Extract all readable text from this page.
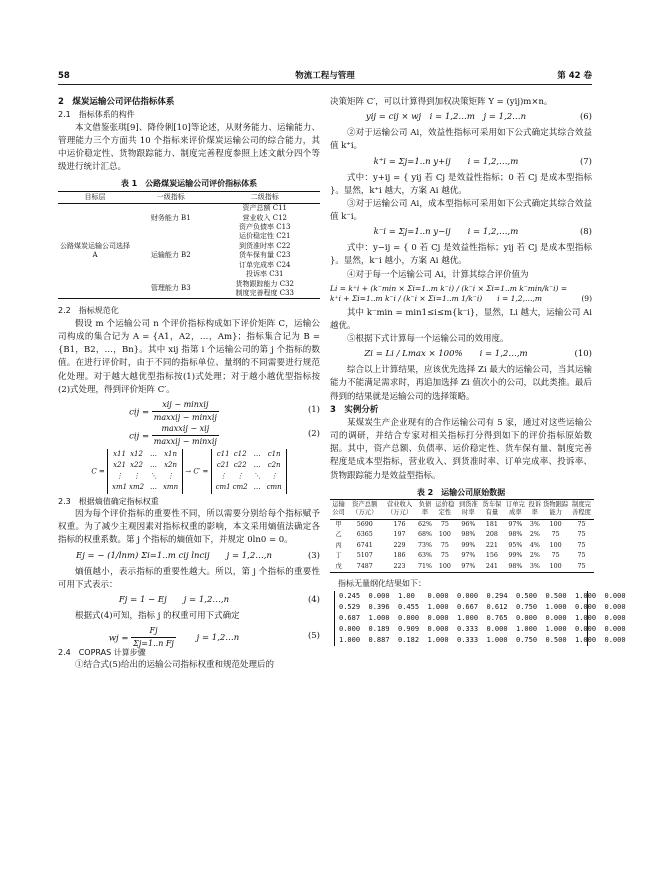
58	物流工程与管理	第 42 卷
2　煤炭运输公司评估指标体系
2.1　指标体系的构件

本文借鉴张琪[9]、降伶俐[10]等论述，从财务能力、运输能力、管理能力三个方面共 10 个指标来评价煤炭运输公司的综合能力，其中运价稳定性、货物跟踪能力、制度完善程度参照上述文献分四个等级进行统计汇总。

表 1　公路煤炭运输公司评价指标体系
目标层	一级指标	二级指标
公路煤炭运输公司选择 A	财务能力 B1	资产总额 C11
		营业收入 C12
		资产负债率 C13
	运输能力 B2	运价稳定性 C21
		到货准时率 C22
		货车保有量 C23
		订单完成率 C24
		投诉率 C31
	管理能力 B3	货物跟踪能力 C32
		制度完善程度 C33
2.2　指标规范化

假设 m 个运输公司 n 个评价指标构成如下评价矩阵 C，运输公司构成的集合记为 A = {A1，A2，…，Am}；指标集合记为 B = {B1，B2，…，Bn}。其中 xij 指第 i 个运输公司的第 j 个指标的数值。在进行评价时，由于不同的指标单位、量纲的不同需要进行规范化处理。对于越大越优型指标按(1)式处理；对于越小越优型指标按(2)式处理，得到评价矩阵 C′。

cij = $\frac{\text{xij − minxij}}{\text{maxxij − minxij}}$	(1)
cij = $\frac{\text{maxxij − xij}}{\text{maxxij − minxij}}$	(2)
C =
x11 x12 … x1n
x21 x22 … x2n
⋮ ⋮ ⋱ ⋮
xm1 xm2 … xmn
→ C′ =
c11 c12 … c1n
c21 c22 … c2n
⋮ ⋮ ⋱ ⋮
cm1 cm2 … cmn
2.3　根据熵值确定指标权重

因为每个评价指标的重要性不同，所以需要分别给每个指标赋予权重。为了减少主观因素对指标权重的影响，本文采用熵值法确定各指标的权重系数。第 j 个指标的熵值如下，并规定 0ln0 = 0。

Ej = − (1/lnm) Σi=1..m cij lncij　　j = 1,2…,n	(3)

熵值越小，表示指标的重要性越大。所以，第 j 个指标的重要性可用下式表示：

Fj = 1 − Ej　　j = 1,2…,n	(4)

根据式(4)可知，指标 j 的权重可用下式确定

wj = $\frac{Fj}{\text{Σj=1..n Fj}}$ j = 1,2…n	(5)
2.4　COPRAS 计算步骤

①结合式(5)给出的运输公司指标权重和规范处理后的

决策矩阵 C′，可以计算得到加权决策矩阵 Y = (yij)m×n。

yij = cij × wj　i = 1,2…m　j = 1,2…n	(6)

②对于运输公司 Ai，效益性指标可采用如下公式确定其综合效益值 k⁺i。

k⁺i = Σj=1..n y+ij　　i = 1,2,…,m	(7)

式中：y+ij = { yij 若 Cj 是效益性指标；0 若 Cj 是成本型指标 }。显然，k⁺i 越大，方案 Ai 越优。

③对于运输公司 Ai，成本型指标可采用如下公式确定其综合效益值 k⁻i。

k⁻i = Σj=1..n y−ij　　i = 1,2,…,m	(8)

式中：y−ij = { 0 若 Cj 是效益性指标；yij 若 Cj 是成本型指标 }。显然，k⁻i 越小，方案 Ai 越优。

④对于每一个运输公司 Ai，计算其综合评价值为

Li = k⁺i + (k⁻min × Σi=1..m k⁻i) / (k⁻i × Σi=1..m k⁻min/k⁻i) = k⁺i + Σi=1..m k⁻i / (k⁻i × Σi=1..m 1/k⁻i)　　i = 1,2,…,m	(9)

其中 k⁻min = min1≤i≤m{k⁻i}，显然，Li 越大，运输公司 Ai 越优。

⑤根据下式计算每一个运输公司的效用度。

Zi = Li / Lmax × 100%　　i = 1,2…,m	(10)

综合以上计算结果，应该优先选择 Zi 最大的运输公司，当其运输能力不能满足需求时，再追加选择 Zi 值次小的公司，以此类推。最后得到的结果就是运输公司的选择策略。

3　实例分析

某煤炭生产企业现有的合作运输公司有 5 家，通过对这些运输公司的调研，并结合专家对相关指标打分得到如下的评价指标原始数据。其中，资产总额、负债率、运价稳定性、货车保有量、制度完善程度是成本型指标，营业收入、到货准时率、订单完成率、投诉率、货物跟踪能力是效益型指标。

表 2　运输公司原始数据
运输公司	资产总额（万元）	营业收入（万元）	负债率	运价稳定性	到货准时率	货车保有量	订单完成率	投诉率	货物跟踪能力	制度完善程度
甲	5690	176	62%	75	96%	181	97%	3%	100	75
乙	6365	197	68%	100	98%	208	98%	2%	75	75
丙	6741	229	73%	75	99%	221	95%	4%	100	75
丁	5107	186	63%	75	97%	156	99%	2%	75	75
戊	7487	223	71%	100	97%	241	98%	3%	100	75
指标无量纲化结果如下：
0.245  0.000  1.00   0.000  0.000  0.294  0.500  0.500  1.000  0.000
0.529  0.396  0.455  1.000  0.667  0.612  0.750  1.000  0.000  0.000
0.687  1.000  0.000  0.000  1.000  0.765  0.000  0.000  1.000  0.000
0.000  0.189  0.909  0.000  0.333  0.000  1.000  1.000  0.000  0.000
1.000  0.887  0.182  1.000  0.333  1.000  0.750  0.500  1.000  0.000
